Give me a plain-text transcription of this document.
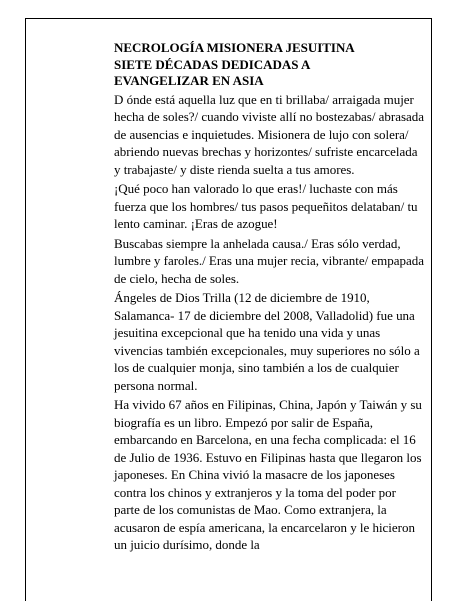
NECROLOGÍA MISIONERA JESUITINA
SIETE DÉCADAS DEDICADAS A
EVANGELIZAR EN ASIA

D ónde está aquella luz que en ti brillaba/ arraigada mujer hecha de soles?/ cuando viviste allí no bostezabas/ abrasada de ausencias e inquietudes. Misionera de lujo con solera/ abriendo nuevas brechas y horizontes/ sufriste encarcelada y trabajaste/ y diste rienda suelta a tus amores.

¡Qué poco han valorado lo que eras!/ luchaste con más fuerza que los hombres/ tus pasos pequeñitos delataban/ tu lento caminar. ¡Eras de azogue!

Buscabas siempre la anhelada causa./ Eras sólo verdad, lumbre y faroles./ Eras una mujer recia, vibrante/ empapada de cielo, hecha de soles.

Ángeles de Dios Trilla (12 de diciembre de 1910, Salamanca- 17 de diciembre del 2008, Valladolid) fue una jesuitina excepcional que ha tenido una vida y unas vivencias también excepcionales, muy superiores no sólo a los de cualquier monja, sino también a los de cualquier persona normal.

Ha vivido 67 años en Filipinas, China, Japón y Taiwán y su biografía es un libro. Empezó por salir de España, embarcando en Barcelona, en una fecha complicada: el 16 de Julio de 1936. Estuvo en Filipinas hasta que llegaron los japoneses. En China vivió la masacre de los japoneses contra los chinos y extranjeros y la toma del poder por parte de los comunistas de Mao. Como extranjera, la acusaron de espía americana, la encarcelaron y le hicieron un juicio durísimo, donde la
